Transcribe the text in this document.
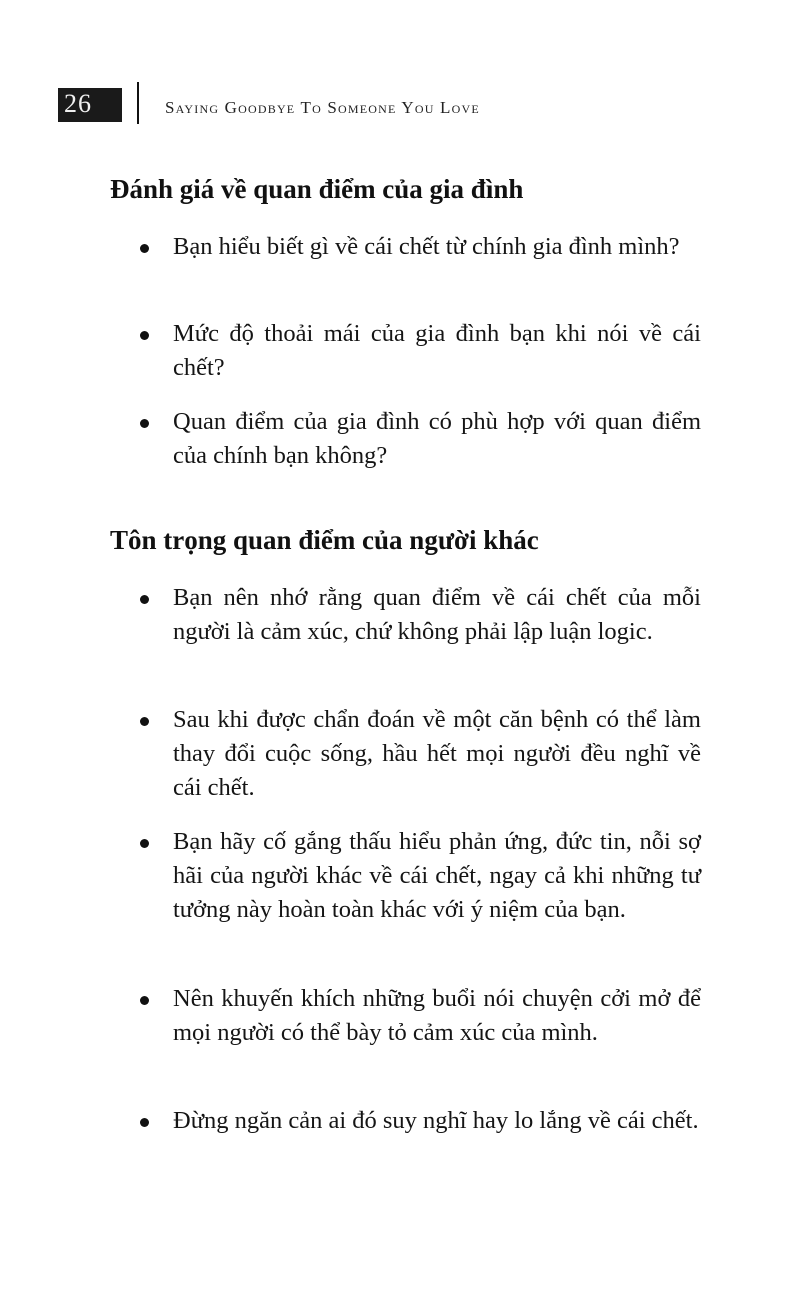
26	Saying Goodbye To Someone You Love
Đánh giá về quan điểm của gia đình
Bạn hiểu biết gì về cái chết từ chính gia đình mình?
Mức độ thoải mái của gia đình bạn khi nói về cái chết?
Quan điểm của gia đình có phù hợp với quan điểm của chính bạn không?
Tôn trọng quan điểm của người khác
Bạn nên nhớ rằng quan điểm về cái chết của mỗi người là cảm xúc, chứ không phải lập luận logic.
Sau khi được chẩn đoán về một căn bệnh có thể làm thay đổi cuộc sống, hầu hết mọi người đều nghĩ về cái chết.
Bạn hãy cố gắng thấu hiểu phản ứng, đức tin, nỗi sợ hãi của người khác về cái chết, ngay cả khi những tư tưởng này hoàn toàn khác với ý niệm của bạn.
Nên khuyến khích những buổi nói chuyện cởi mở để mọi người có thể bày tỏ cảm xúc của mình.
Đừng ngăn cản ai đó suy nghĩ hay lo lắng về cái chết.
